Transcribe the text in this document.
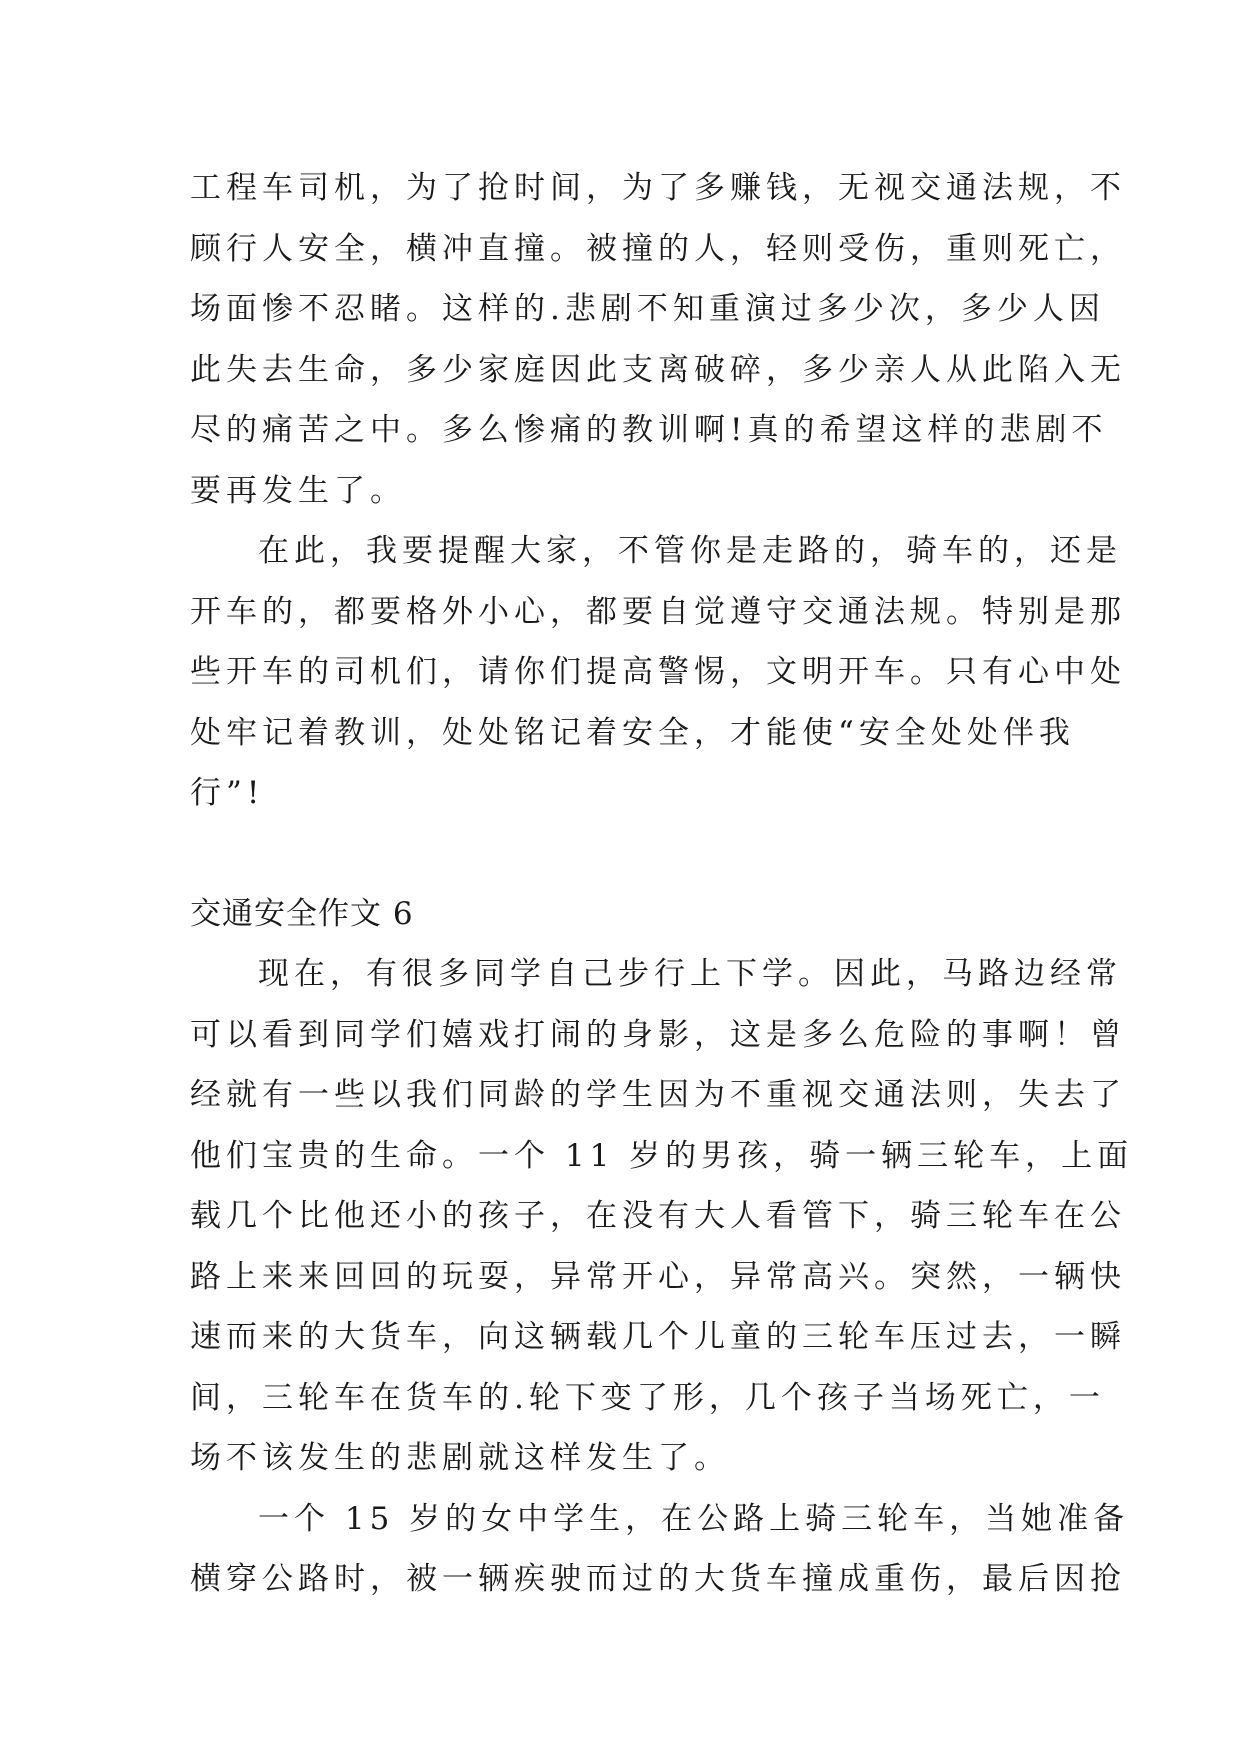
工程车司机，为了抢时间，为了多赚钱，无视交通法规，不
顾行人安全，横冲直撞。被撞的人，轻则受伤，重则死亡，
场面惨不忍睹。这样的.悲剧不知重演过多少次，多少人因
此失去生命，多少家庭因此支离破碎，多少亲人从此陷入无
尽的痛苦之中。多么惨痛的教训啊!真的希望这样的悲剧不
要再发生了。
在此，我要提醒大家，不管你是走路的，骑车的，还是
开车的，都要格外小心，都要自觉遵守交通法规。特别是那
些开车的司机们，请你们提高警惕，文明开车。只有心中处
处牢记着教训，处处铭记着安全，才能使“安全处处伴我
行”!
交通安全作文 6
现在，有很多同学自己步行上下学。因此，马路边经常
可以看到同学们嬉戏打闹的身影，这是多么危险的事啊！曾
经就有一些以我们同龄的学生因为不重视交通法则，失去了
他们宝贵的生命。一个 11 岁的男孩，骑一辆三轮车，上面
载几个比他还小的孩子，在没有大人看管下，骑三轮车在公
路上来来回回的玩耍，异常开心，异常高兴。突然，一辆快
速而来的大货车，向这辆载几个儿童的三轮车压过去，一瞬
间，三轮车在货车的.轮下变了形，几个孩子当场死亡，一
场不该发生的悲剧就这样发生了。
一个 15 岁的女中学生，在公路上骑三轮车，当她准备
横穿公路时，被一辆疾驶而过的大货车撞成重伤，最后因抢
